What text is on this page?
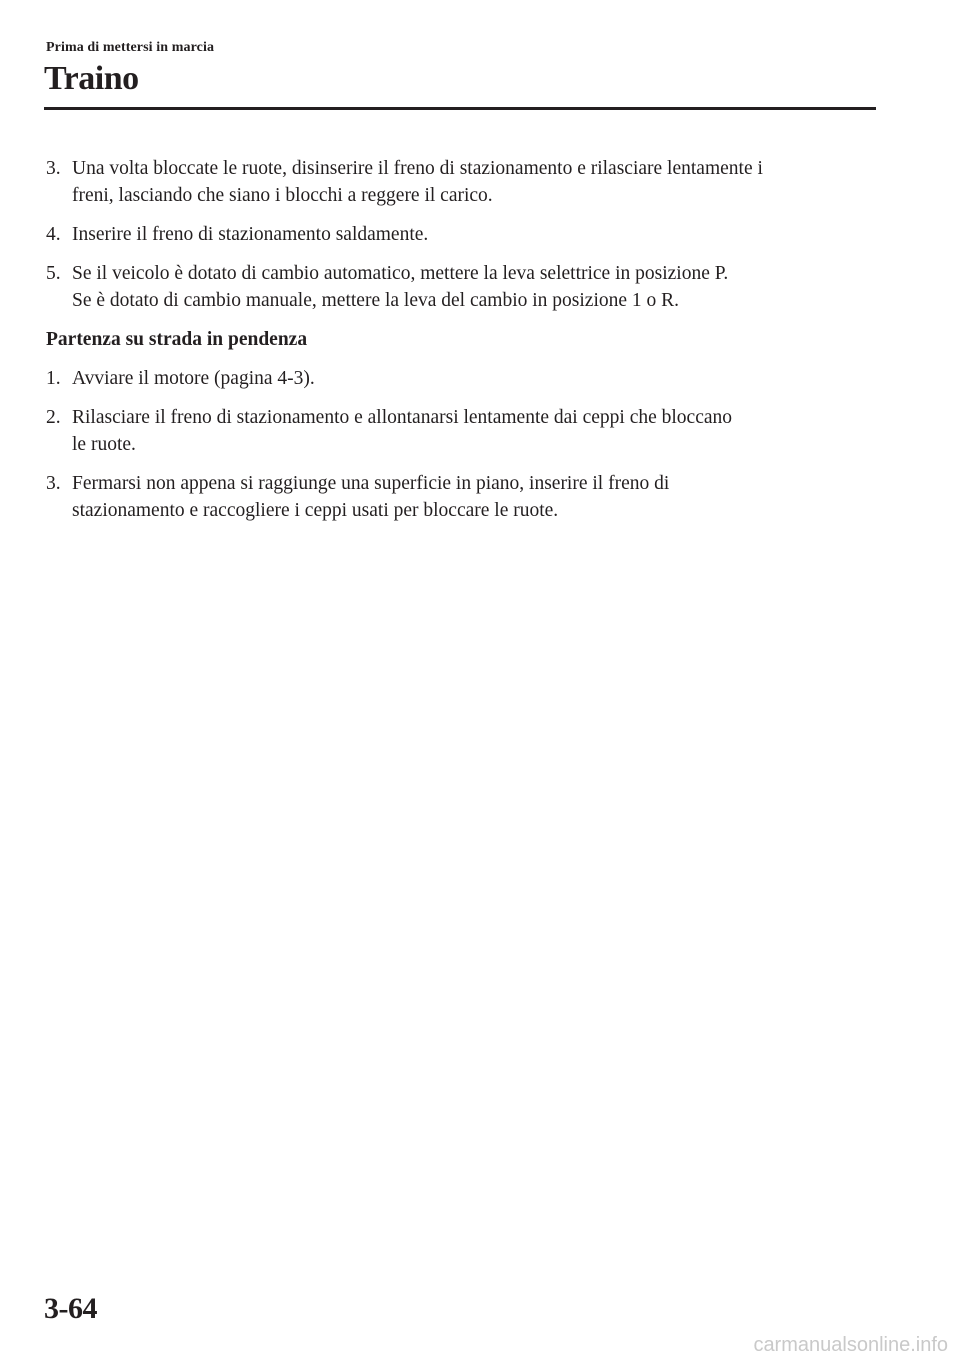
Prima di mettersi in marcia
Traino
3. Una volta bloccate le ruote, disinserire il freno di stazionamento e rilasciare lentamente i
freni, lasciando che siano i blocchi a reggere il carico.
4. Inserire il freno di stazionamento saldamente.
5. Se il veicolo è dotato di cambio automatico, mettere la leva selettrice in posizione P.
Se è dotato di cambio manuale, mettere la leva del cambio in posizione 1 o R.
Partenza su strada in pendenza
1. Avviare il motore (pagina 4-3).
2. Rilasciare il freno di stazionamento e allontanarsi lentamente dai ceppi che bloccano
le ruote.
3. Fermarsi non appena si raggiunge una superficie in piano, inserire il freno di
stazionamento e raccogliere i ceppi usati per bloccare le ruote.
3-64
carmanualsonline.info
